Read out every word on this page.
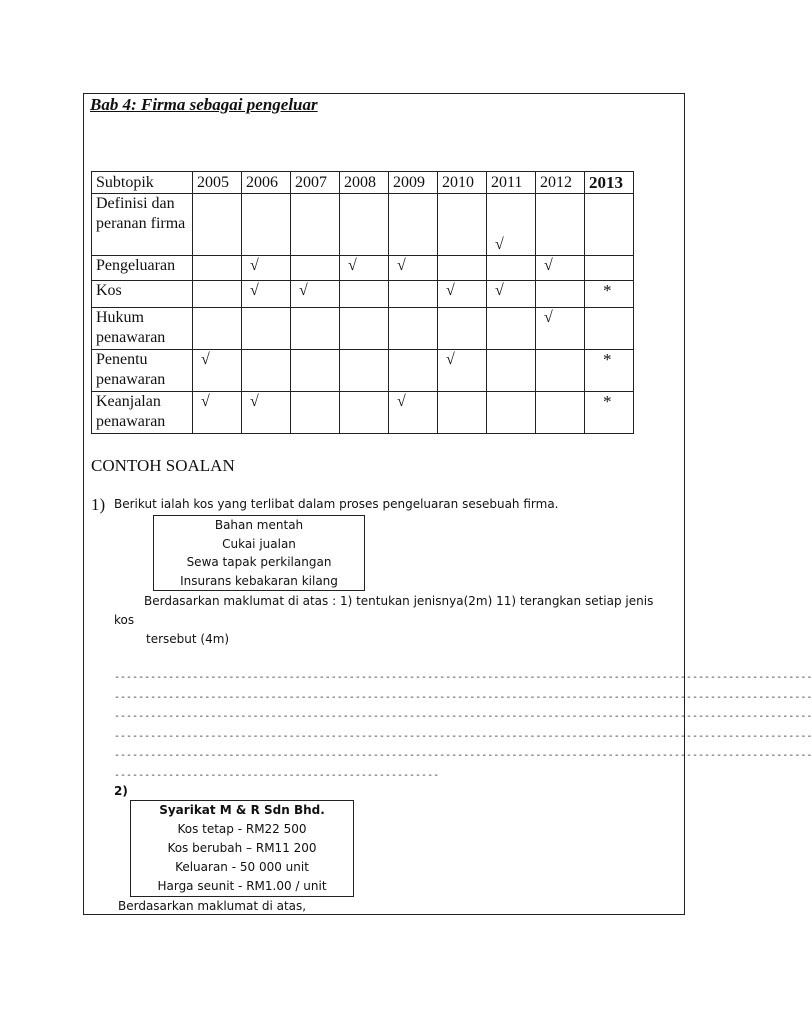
Bab 4: Firma sebagai pengeluar
Subtopik	2005	2006	2007	2008	2009	2010	2011	2012	2013
Definisi dan peranan firma							√		
Pengeluaran		√		√	√			√	
Kos		√	√			√	√		*
Hukum penawaran								√	
Penentu penawaran	√					√			*
Keanjalan penawaran	√	√			√				*
CONTOH SOALAN
1) Berikut ialah kos yang terlibat dalam proses pengeluaran sesebuah firma.
Bahan mentah
Cukai jualan
Sewa tapak perkilangan
Insurans kebakaran kilang
Berdasarkan maklumat di atas : 1) tentukan jenisnya(2m) 11) terangkan setiap jenis
kos
tersebut (4m)
--------------------------------------------------------------------------------------------------------------------
--------------------------------------------------------------------------------------------------------------------
--------------------------------------------------------------------------------------------------------------------
--------------------------------------------------------------------------------------------------------------------
--------------------------------------------------------------------------------------------------------------------
------------------------------------------------------
2)
Syarikat M & R Sdn Bhd.
Kos tetap - RM22 500
Kos berubah – RM11 200
Keluaran - 50 000 unit
Harga seunit - RM1.00 / unit
Berdasarkan maklumat di atas,
